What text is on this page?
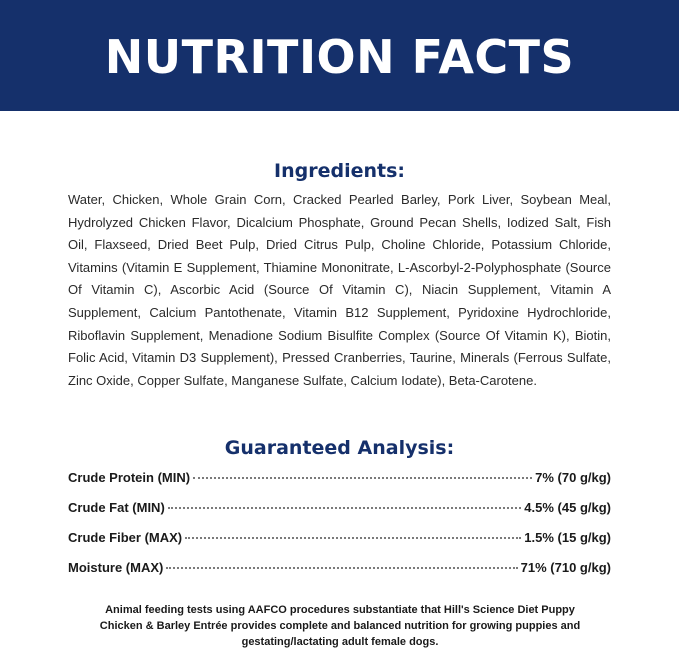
NUTRITION FACTS
Ingredients:

Water, Chicken, Whole Grain Corn, Cracked Pearled Barley, Pork Liver, Soybean Meal, Hydrolyzed Chicken Flavor, Dicalcium Phosphate, Ground Pecan Shells, Iodized Salt, Fish Oil, Flaxseed, Dried Beet Pulp, Dried Citrus Pulp, Choline Chloride, Potassium Chloride, Vitamins (Vitamin E Supplement, Thiamine Mononitrate, L-Ascorbyl-2-Polyphosphate (Source Of Vitamin C), Ascorbic Acid (Source Of Vitamin C), Niacin Supplement, Vitamin A Supplement, Calcium Pantothenate, Vitamin B12 Supplement, Pyridoxine Hydrochloride, Riboflavin Supplement, Menadione Sodium Bisulfite Complex (Source Of Vitamin K), Biotin, Folic Acid, Vitamin D3 Supplement), Pressed Cranberries, Taurine, Minerals (Ferrous Sulfate, Zinc Oxide, Copper Sulfate, Manganese Sulfate, Calcium Iodate), Beta-Carotene.

Guaranteed Analysis:
Crude Protein (MIN)	7% (70 g/kg)
Crude Fat (MIN)	4.5% (45 g/kg)
Crude Fiber (MAX)	1.5% (15 g/kg)
Moisture (MAX)	71% (710 g/kg)

Animal feeding tests using AAFCO procedures substantiate that Hill's Science Diet Puppy Chicken & Barley Entrée provides complete and balanced nutrition for growing puppies and gestating/lactating adult female dogs.
